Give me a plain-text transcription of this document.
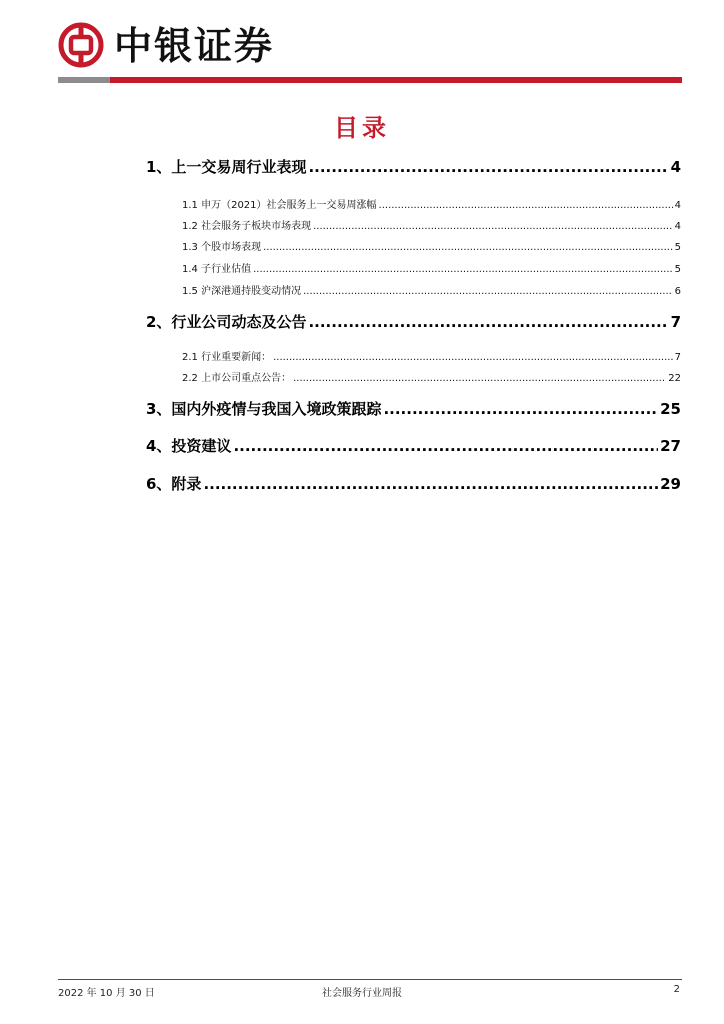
中银证券
目录
1、上一交易周行业表现 .....	4
1.1 申万（2021）社会服务上一交易周涨幅 .....	4
1.2 社会服务子板块市场表现 .....	4
1.3 个股市场表现 .....	5
1.4 子行业估值 .....	5
1.5 沪深港通持股变动情况 .....	6
2、行业公司动态及公告 .....	7
2.1 行业重要新闻： .....	7
2.2 上市公司重点公告： .....	22
3、国内外疫情与我国入境政策跟踪 .....	25
4、投资建议 .....	27
6、附录 .....	29
2022 年 10 月 30 日	社会服务行业周报	2
